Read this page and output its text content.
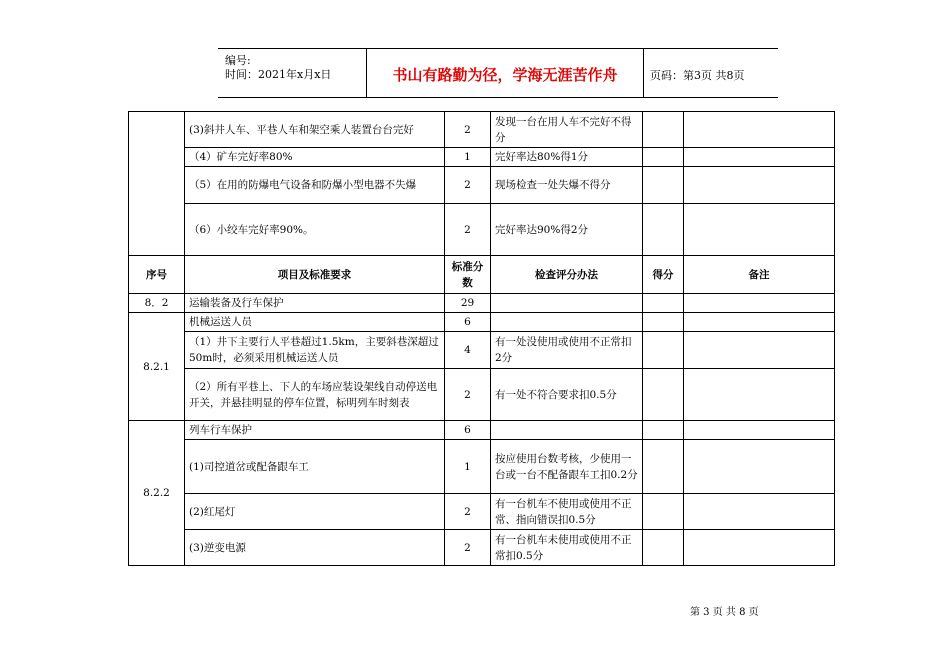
编号:
时间：2021年x月x日	书山有路勤为径，学海无涯苦作舟	页码：第3页 共8页
	(3)斜井人车、平巷人车和架空乘人装置台台完好	2	发现一台在用人车不完好不得分		
	（4）矿车完好率80%	1	完好率达80%得1分		
	（5）在用的防爆电气设备和防爆小型电器不失爆	2	现场检查一处失爆不得分		
	（6）小绞车完好率90%。	2	完好率达90%得2分		
序号	项目及标准要求	标准分数	检查评分办法	得分	备注
8．2	运输装备及行车保护	29			
8.2.1	机械运送人员	6			
	（1）井下主要行人平巷超过1.5km，主要斜巷深超过50m时，必须采用机械运送人员	4	有一处没使用或使用不正常扣2分		
	（2）所有平巷上、下人的车场应装设架线自动停送电开关，并悬挂明显的停车位置，标明列车时刻表	2	有一处不符合要求扣0.5分		
8.2.2	列车行车保护	6			
	(1)司控道岔或配备跟车工	1	按应使用台数考核，少使用一台或一台不配备跟车工扣0.2分		
	(2)红尾灯	2	有一台机车不使用或使用不正常、指向错误扣0.5分		
	(3)逆变电源	2	有一台机车未使用或使用不正常扣0.5分		
第 3 页 共 8 页
